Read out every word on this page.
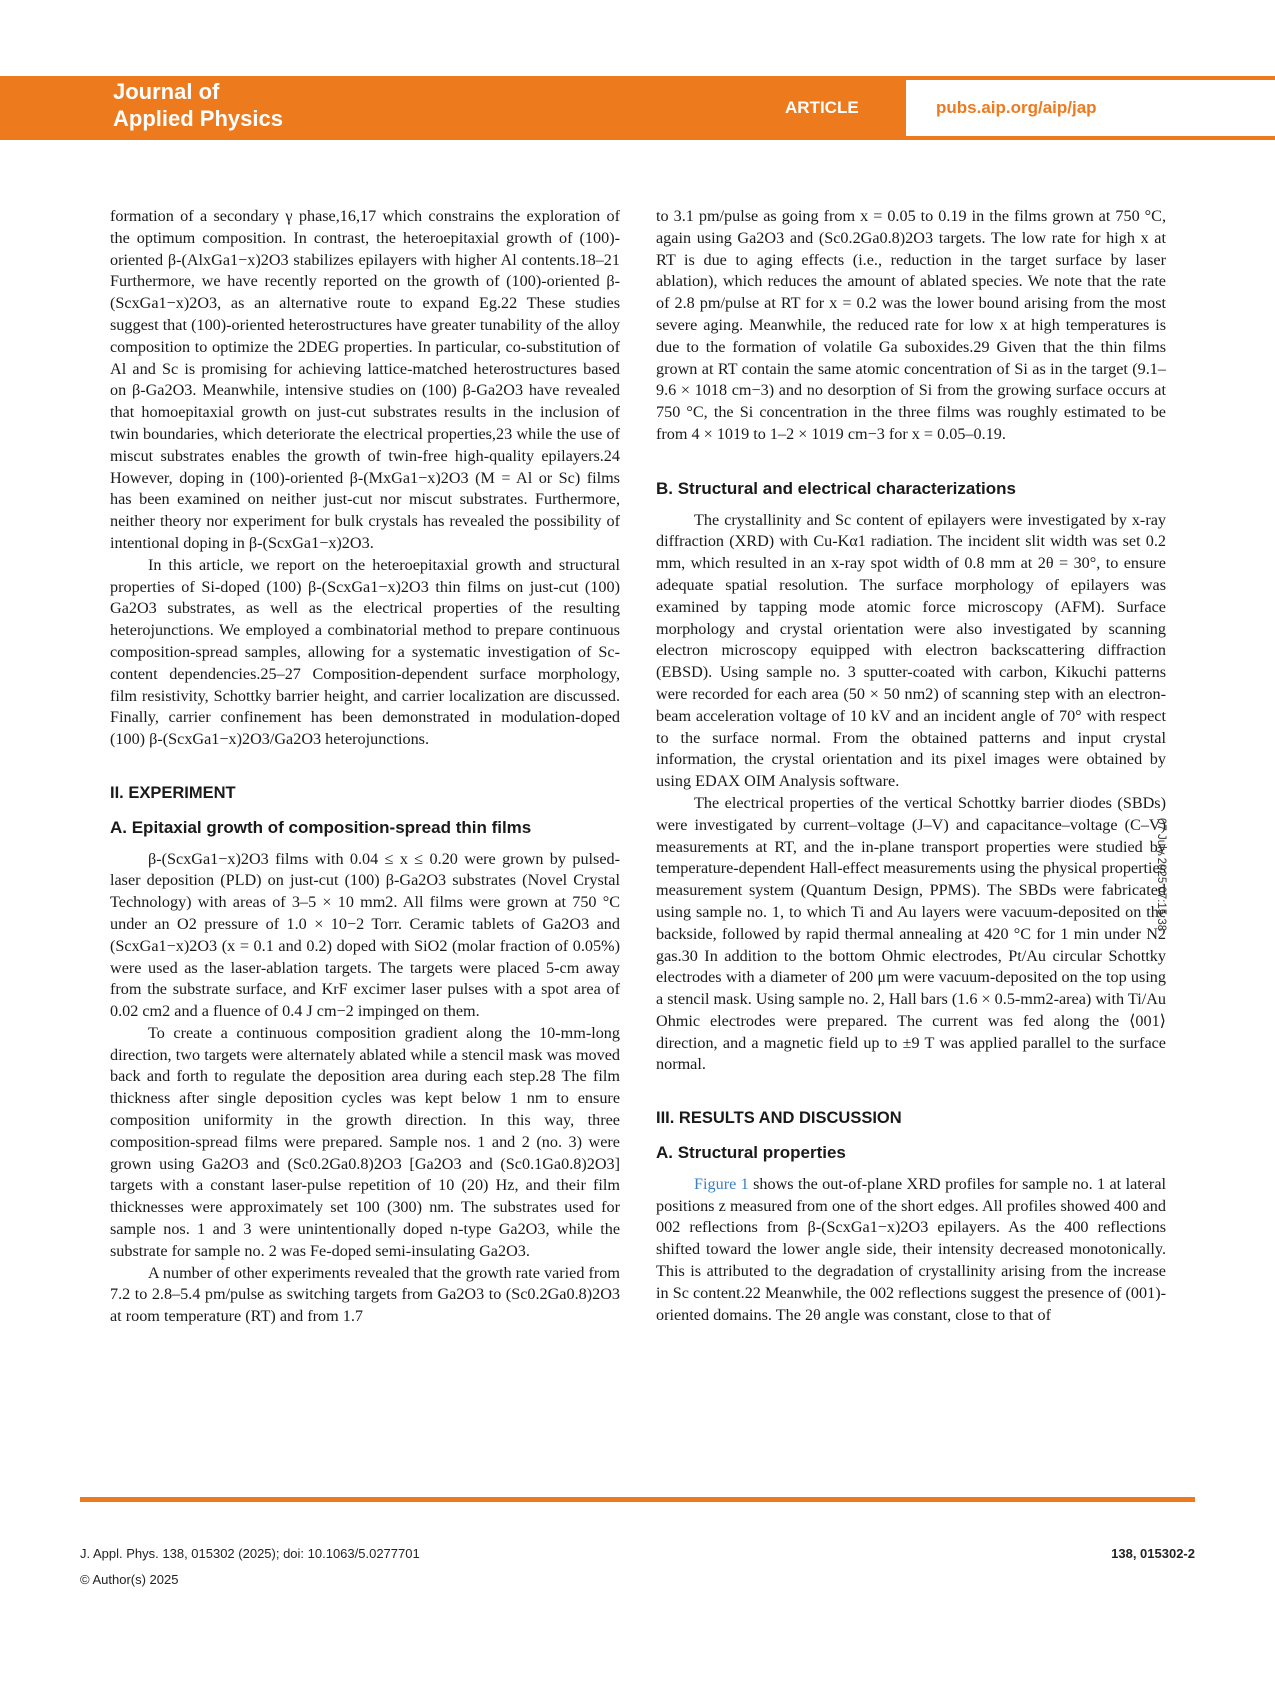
Journal of
Applied Physics	ARTICLE	pubs.aip.org/aip/jap

formation of a secondary γ phase,16,17 which constrains the exploration of the optimum composition. In contrast, the heteroepitaxial growth of (100)-oriented β-(AlxGa1−x)2O3 stabilizes epilayers with higher Al contents.18–21 Furthermore, we have recently reported on the growth of (100)-oriented β-(ScxGa1−x)2O3, as an alternative route to expand Eg.22 These studies suggest that (100)-oriented heterostructures have greater tunability of the alloy composition to optimize the 2DEG properties. In particular, co-substitution of Al and Sc is promising for achieving lattice-matched heterostructures based on β-Ga2O3. Meanwhile, intensive studies on (100) β-Ga2O3 have revealed that homoepitaxial growth on just-cut substrates results in the inclusion of twin boundaries, which deteriorate the electrical properties,23 while the use of miscut substrates enables the growth of twin-free high-quality epilayers.24 However, doping in (100)-oriented β-(MxGa1−x)2O3 (M = Al or Sc) films has been examined on neither just-cut nor miscut substrates. Furthermore, neither theory nor experiment for bulk crystals has revealed the possibility of intentional doping in β-(ScxGa1−x)2O3.

In this article, we report on the heteroepitaxial growth and structural properties of Si-doped (100) β-(ScxGa1−x)2O3 thin films on just-cut (100) Ga2O3 substrates, as well as the electrical properties of the resulting heterojunctions. We employed a combinatorial method to prepare continuous composition-spread samples, allowing for a systematic investigation of Sc-content dependencies.25–27 Composition-dependent surface morphology, film resistivity, Schottky barrier height, and carrier localization are discussed. Finally, carrier confinement has been demonstrated in modulation-doped (100) β-(ScxGa1−x)2O3/Ga2O3 heterojunctions.

II. EXPERIMENT
A. Epitaxial growth of composition-spread thin films

β-(ScxGa1−x)2O3 films with 0.04 ≤ x ≤ 0.20 were grown by pulsed-laser deposition (PLD) on just-cut (100) β-Ga2O3 substrates (Novel Crystal Technology) with areas of 3–5 × 10 mm2. All films were grown at 750 °C under an O2 pressure of 1.0 × 10−2 Torr. Ceramic tablets of Ga2O3 and (ScxGa1−x)2O3 (x = 0.1 and 0.2) doped with SiO2 (molar fraction of 0.05%) were used as the laser-ablation targets. The targets were placed 5-cm away from the substrate surface, and KrF excimer laser pulses with a spot area of 0.02 cm2 and a fluence of 0.4 J cm−2 impinged on them.

To create a continuous composition gradient along the 10-mm-long direction, two targets were alternately ablated while a stencil mask was moved back and forth to regulate the deposition area during each step.28 The film thickness after single deposition cycles was kept below 1 nm to ensure composition uniformity in the growth direction. In this way, three composition-spread films were prepared. Sample nos. 1 and 2 (no. 3) were grown using Ga2O3 and (Sc0.2Ga0.8)2O3 [Ga2O3 and (Sc0.1Ga0.8)2O3] targets with a constant laser-pulse repetition of 10 (20) Hz, and their film thicknesses were approximately set 100 (300) nm. The substrates used for sample nos. 1 and 3 were unintentionally doped n-type Ga2O3, while the substrate for sample no. 2 was Fe-doped semi-insulating Ga2O3.

A number of other experiments revealed that the growth rate varied from 7.2 to 2.8–5.4 pm/pulse as switching targets from Ga2O3 to (Sc0.2Ga0.8)2O3 at room temperature (RT) and from 1.7

to 3.1 pm/pulse as going from x = 0.05 to 0.19 in the films grown at 750 °C, again using Ga2O3 and (Sc0.2Ga0.8)2O3 targets. The low rate for high x at RT is due to aging effects (i.e., reduction in the target surface by laser ablation), which reduces the amount of ablated species. We note that the rate of 2.8 pm/pulse at RT for x = 0.2 was the lower bound arising from the most severe aging. Meanwhile, the reduced rate for low x at high temperatures is due to the formation of volatile Ga suboxides.29 Given that the thin films grown at RT contain the same atomic concentration of Si as in the target (9.1–9.6 × 1018 cm−3) and no desorption of Si from the growing surface occurs at 750 °C, the Si concentration in the three films was roughly estimated to be from 4 × 1019 to 1–2 × 1019 cm−3 for x = 0.05–0.19.

B. Structural and electrical characterizations

The crystallinity and Sc content of epilayers were investigated by x-ray diffraction (XRD) with Cu-Kα1 radiation. The incident slit width was set 0.2 mm, which resulted in an x-ray spot width of 0.8 mm at 2θ = 30°, to ensure adequate spatial resolution. The surface morphology of epilayers was examined by tapping mode atomic force microscopy (AFM). Surface morphology and crystal orientation were also investigated by scanning electron microscopy equipped with electron backscattering diffraction (EBSD). Using sample no. 3 sputter-coated with carbon, Kikuchi patterns were recorded for each area (50 × 50 nm2) of scanning step with an electron-beam acceleration voltage of 10 kV and an incident angle of 70° with respect to the surface normal. From the obtained patterns and input crystal information, the crystal orientation and its pixel images were obtained by using EDAX OIM Analysis software.

The electrical properties of the vertical Schottky barrier diodes (SBDs) were investigated by current–voltage (J–V) and capacitance–voltage (C–V) measurements at RT, and the in-plane transport properties were studied by temperature-dependent Hall-effect measurements using the physical properties measurement system (Quantum Design, PPMS). The SBDs were fabricated using sample no. 1, to which Ti and Au layers were vacuum-deposited on the backside, followed by rapid thermal annealing at 420 °C for 1 min under N2 gas.30 In addition to the bottom Ohmic electrodes, Pt/Au circular Schottky electrodes with a diameter of 200 μm were vacuum-deposited on the top using a stencil mask. Using sample no. 2, Hall bars (1.6 × 0.5-mm2-area) with Ti/Au Ohmic electrodes were prepared. The current was fed along the ⟨001⟩ direction, and a magnetic field up to ±9 T was applied parallel to the surface normal.

III. RESULTS AND DISCUSSION
A. Structural properties

Figure 1 shows the out-of-plane XRD profiles for sample no. 1 at lateral positions z measured from one of the short edges. All profiles showed 400 and 002 reflections from β-(ScxGa1−x)2O3 epilayers. As the 400 reflections shifted toward the lower angle side, their intensity decreased monotonically. This is attributed to the degradation of crystallinity arising from the increase in Sc content.22 Meanwhile, the 002 reflections suggest the presence of (001)-oriented domains. The 2θ angle was constant, close to that of

07 July 2025 07:15:38
J. Appl. Phys. 138, 015302 (2025); doi: 10.1063/5.0277701
© Author(s) 2025
138, 015302-2
